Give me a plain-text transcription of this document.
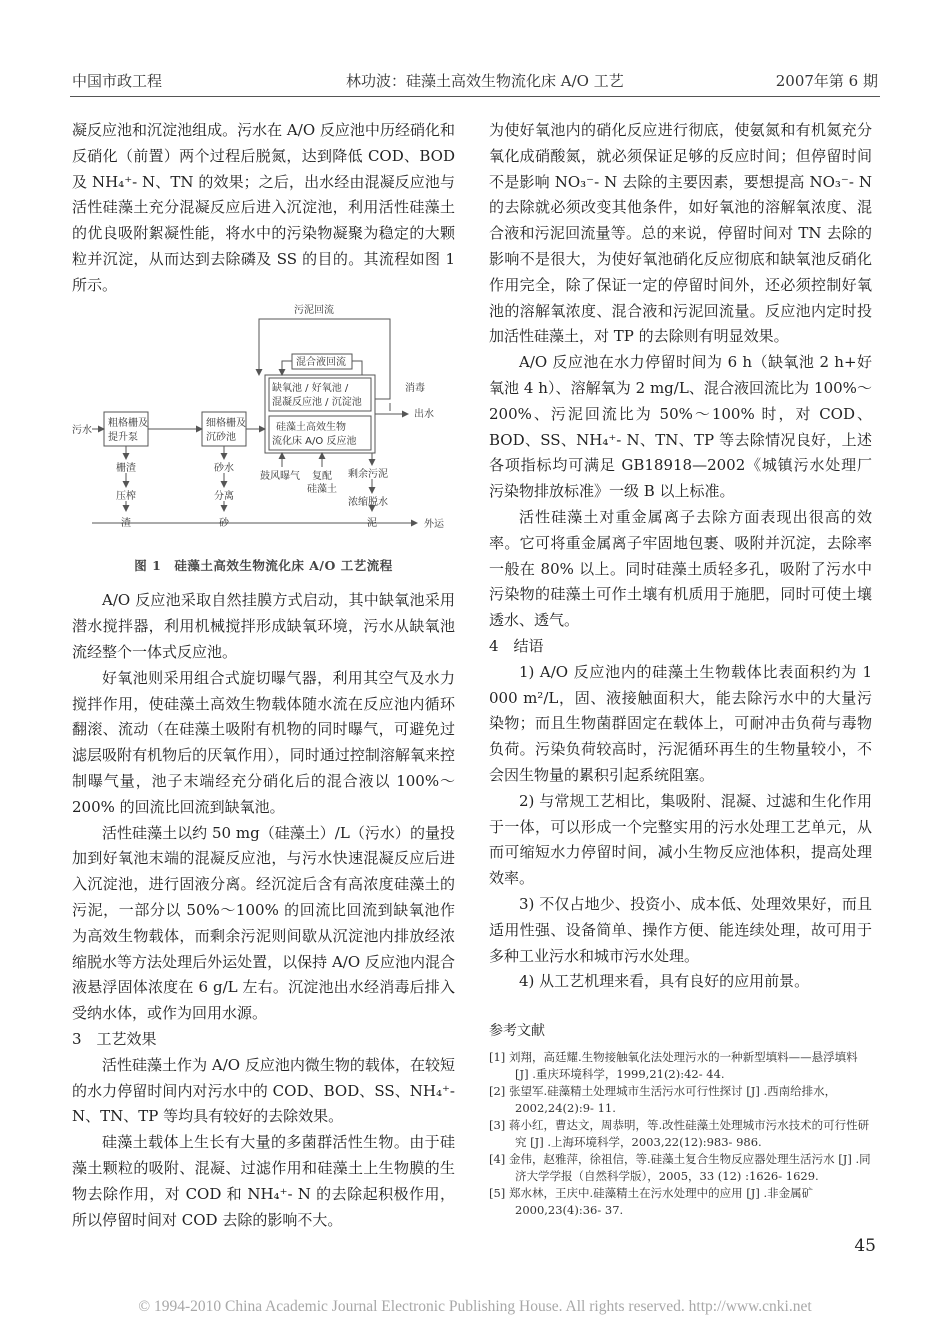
中国市政工程	林功波：硅藻土高效生物流化床 A/O 工艺	2007年第 6 期

凝反应池和沉淀池组成。污水在 A/O 反应池中历经硝化和反硝化（前置）两个过程后脱氮，达到降低 COD、BOD 及 NH₄⁺- N、TN 的效果；之后，出水经由混凝反应池与活性硅藻土充分混凝反应后进入沉淀池，利用活性硅藻土的优良吸附絮凝性能，将水中的污染物凝聚为稳定的大颗粒并沉淀，从而达到去除磷及 SS 的目的。其流程如图 1 所示。

污泥回流
混合液回流
消毒
污水
出水
粗格栅及
提升泵
细格栅及
沉砂池
缺氧池 / 好氧池 /
混凝反应池 / 沉淀池
硅藻土高效生物
流化床 A/O 反应池
栅渣
压榨
渣
砂水
分离
砂
鼓风曝气 复配
硅藻土
剩余污泥
浓缩脱水
泥	外运
图 1　硅藻土高效生物流化床 A/O 工艺流程

A/O 反应池采取自然挂膜方式启动，其中缺氧池采用潜水搅拌器，利用机械搅拌形成缺氧环境，污水从缺氧池流经整个一体式反应池。

好氧池则采用组合式旋切曝气器，利用其空气及水力搅拌作用，使硅藻土高效生物载体随水流在反应池内循环翻滚、流动（在硅藻土吸附有机物的同时曝气，可避免过滤层吸附有机物后的厌氧作用），同时通过控制溶解氧来控制曝气量，池子末端经充分硝化后的混合液以 100%～200% 的回流比回流到缺氧池。

活性硅藻土以约 50 mg（硅藻土）/L（污水）的量投加到好氧池末端的混凝反应池，与污水快速混凝反应后进入沉淀池，进行固液分离。经沉淀后含有高浓度硅藻土的污泥，一部分以 50%～100% 的回流比回流到缺氧池作为高效生物载体，而剩余污泥则间歇从沉淀池内排放经浓缩脱水等方法处理后外运处置，以保持 A/O 反应池内混合液悬浮固体浓度在 6 g/L 左右。沉淀池出水经消毒后排入受纳水体，或作为回用水源。

3　工艺效果

活性硅藻土作为 A/O 反应池内微生物的载体，在较短的水力停留时间内对污水中的 COD、BOD、SS、NH₄⁺- N、TN、TP 等均具有较好的去除效果。

硅藻土载体上生长有大量的多菌群活性生物。由于硅藻土颗粒的吸附、混凝、过滤作用和硅藻土上生物膜的生物去除作用，对 COD 和 NH₄⁺- N 的去除起积极作用，所以停留时间对 COD 去除的影响不大。

为使好氧池内的硝化反应进行彻底，使氨氮和有机氮充分氧化成硝酸氮，就必须保证足够的反应时间；但停留时间不是影响 NO₃⁻- N 去除的主要因素，要想提高 NO₃⁻- N 的去除就必须改变其他条件，如好氧池的溶解氧浓度、混合液和污泥回流量等。总的来说，停留时间对 TN 去除的影响不是很大，为使好氧池硝化反应彻底和缺氧池反硝化作用完全，除了保证一定的停留时间外，还必须控制好氧池的溶解氧浓度、混合液和污泥回流量。反应池内定时投加活性硅藻土，对 TP 的去除则有明显效果。

A/O 反应池在水力停留时间为 6 h（缺氧池 2 h+好氧池 4 h）、溶解氧为 2 mg/L、混合液回流比为 100%～200%、污泥回流比为 50%～100% 时，对 COD、BOD、SS、NH₄⁺- N、TN、TP 等去除情况良好，上述各项指标均可满足 GB18918—2002《城镇污水处理厂污染物排放标准》一级 B 以上标准。

活性硅藻土对重金属离子去除方面表现出很高的效率。它可将重金属离子牢固地包裹、吸附并沉淀，去除率一般在 80% 以上。同时硅藻土质轻多孔，吸附了污水中污染物的硅藻土可作土壤有机质用于施肥，同时可使土壤透水、透气。

4　结语

1) A/O 反应池内的硅藻土生物载体比表面积约为 1 000 m²/L，固、液接触面积大，能去除污水中的大量污染物；而且生物菌群固定在载体上，可耐冲击负荷与毒物负荷。污染负荷较高时，污泥循环再生的生物量较小，不会因生物量的累积引起系统阻塞。

2) 与常规工艺相比，集吸附、混凝、过滤和生化作用于一体，可以形成一个完整实用的污水处理工艺单元，从而可缩短水力停留时间，减小生物反应池体积，提高处理效率。

3) 不仅占地少、投资小、成本低、处理效果好，而且适用性强、设备简单、操作方便、能连续处理，故可用于多种工业污水和城市污水处理。

4) 从工艺机理来看，具有良好的应用前景。

参考文献

[1] 刘翔，高廷耀.生物接触氧化法处理污水的一种新型填料——悬浮填料 [J] .重庆环境科学，1999,21(2):42- 44.

[2] 张望军.硅藻精土处理城市生活污水可行性探讨 [J] .西南给排水，2002,24(2):9- 11.

[3] 蒋小红，曹达文，周恭明，等.改性硅藻土处理城市污水技术的可行性研究 [J] .上海环境科学，2003,22(12):983- 986.

[4] 金伟，赵雅萍，徐祖信，等.硅藻土复合生物反应器处理生活污水 [J] .同济大学学报（自然科学版），2005，33 (12) :1626- 1629.

[5] 郑水林，王庆中.硅藻精土在污水处理中的应用 [J] .非金属矿 2000,23(4):36- 37.

45
© 1994-2010 China Academic Journal Electronic Publishing House. All rights reserved. http://www.cnki.net
